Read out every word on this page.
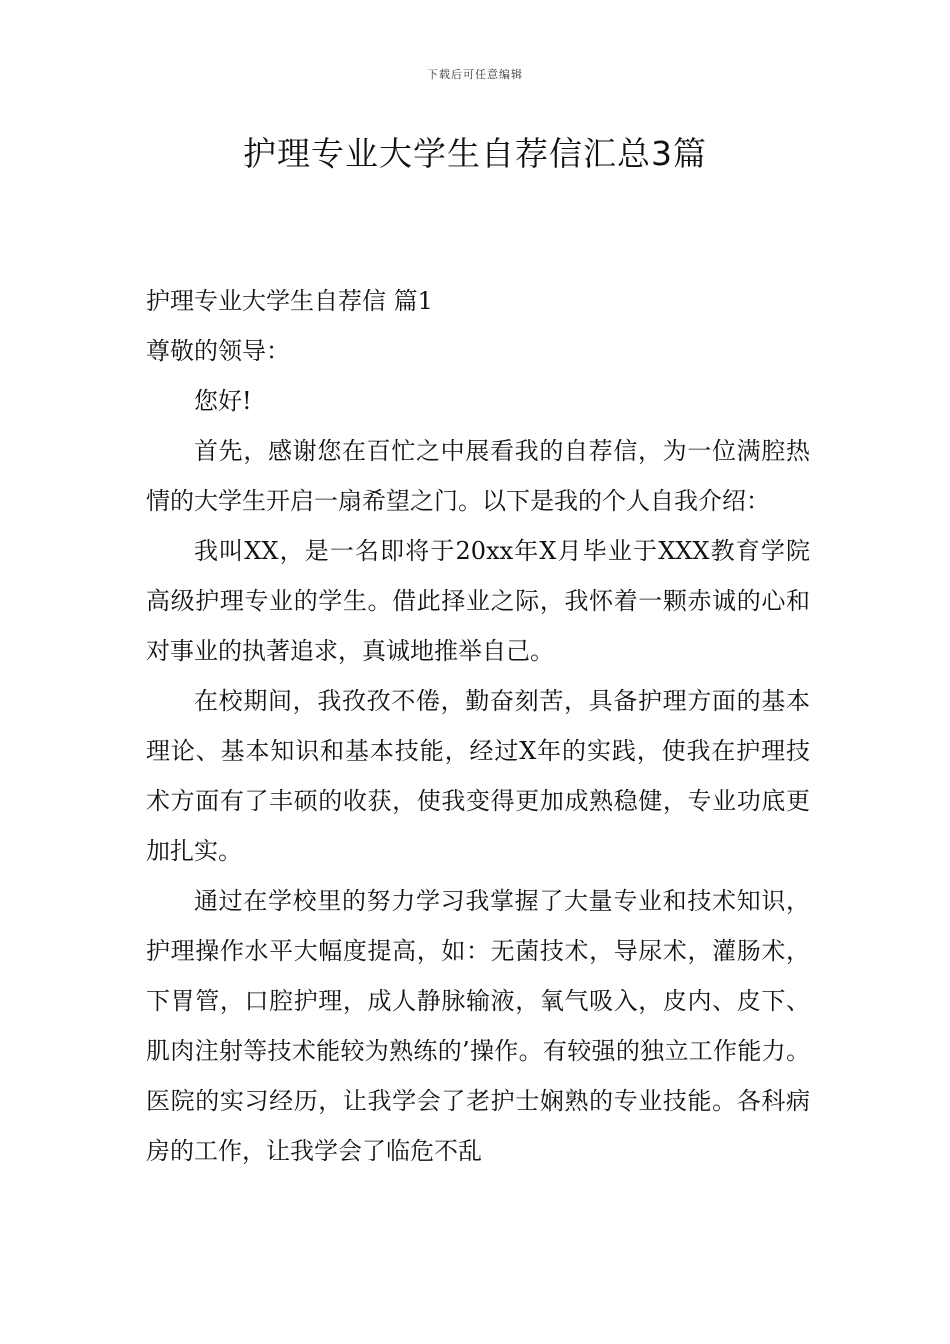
下载后可任意编辑
护理专业大学生自荐信汇总3篇

护理专业大学生自荐信 篇1

尊敬的领导：

您好!

首先，感谢您在百忙之中展看我的自荐信，为一位满腔热情的大学生开启一扇希望之门。以下是我的个人自我介绍：

我叫XX，是一名即将于20xx年X月毕业于XXX教育学院高级护理专业的学生。借此择业之际，我怀着一颗赤诚的心和对事业的执著追求，真诚地推举自己。

在校期间，我孜孜不倦，勤奋刻苦，具备护理方面的基本理论、基本知识和基本技能，经过X年的实践，使我在护理技术方面有了丰硕的收获，使我变得更加成熟稳健，专业功底更加扎实。

通过在学校里的努力学习我掌握了大量专业和技术知识，护理操作水平大幅度提高，如：无菌技术，导尿术，灌肠术，下胃管，口腔护理，成人静脉输液，氧气吸入，皮内、皮下、肌肉注射等技术能较为熟练的’操作。有较强的独立工作能力。医院的实习经历，让我学会了老护士娴熟的专业技能。各科病房的工作，让我学会了临危不乱
